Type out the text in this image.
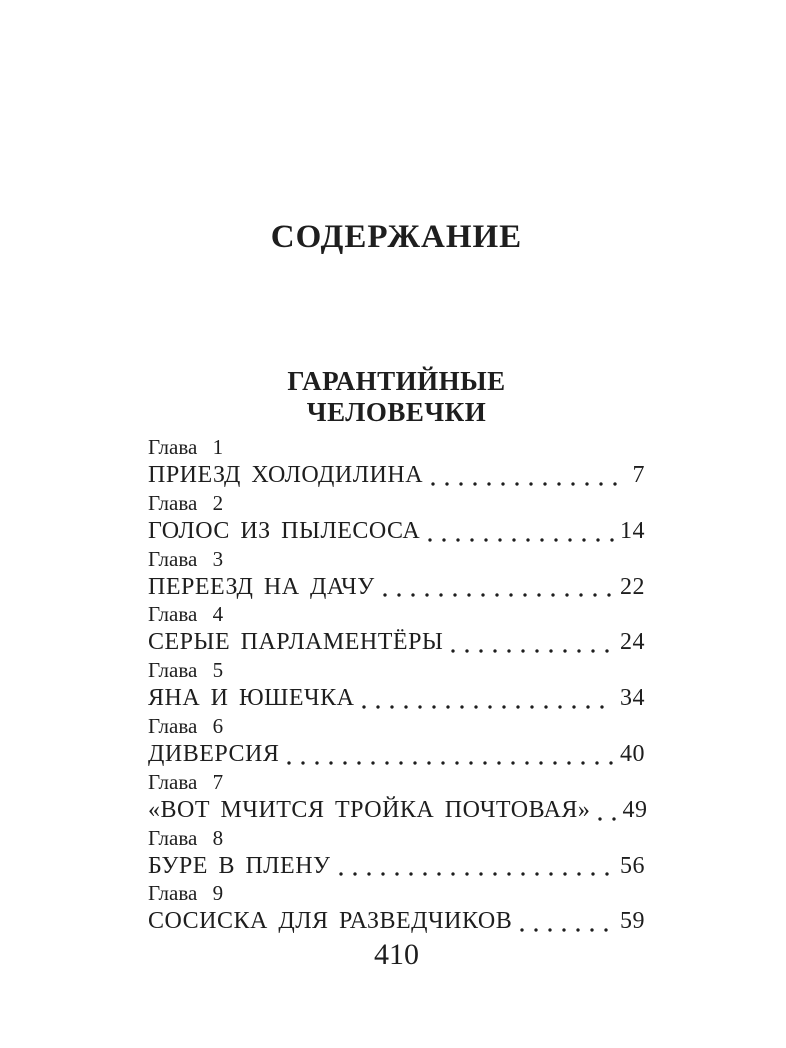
СОДЕРЖАНИЕ
ГАРАНТИЙНЫЕ
ЧЕЛОВЕЧКИ
Глава 1
ПРИЕЗД ХОЛОДИЛИНА	7
Глава 2
ГОЛОС ИЗ ПЫЛЕСОСА	14
Глава 3
ПЕРЕЕЗД НА ДАЧУ	22
Глава 4
СЕРЫЕ ПАРЛАМЕНТЁРЫ	24
Глава 5
ЯНА И ЮШЕЧКА	34
Глава 6
ДИВЕРСИЯ	40
Глава 7
«ВОТ МЧИТСЯ ТРОЙКА ПОЧТОВАЯ» 49
Глава 8
БУРЕ В ПЛЕНУ	56
Глава 9
СОСИСКА ДЛЯ РАЗВЕДЧИКОВ	59
410
